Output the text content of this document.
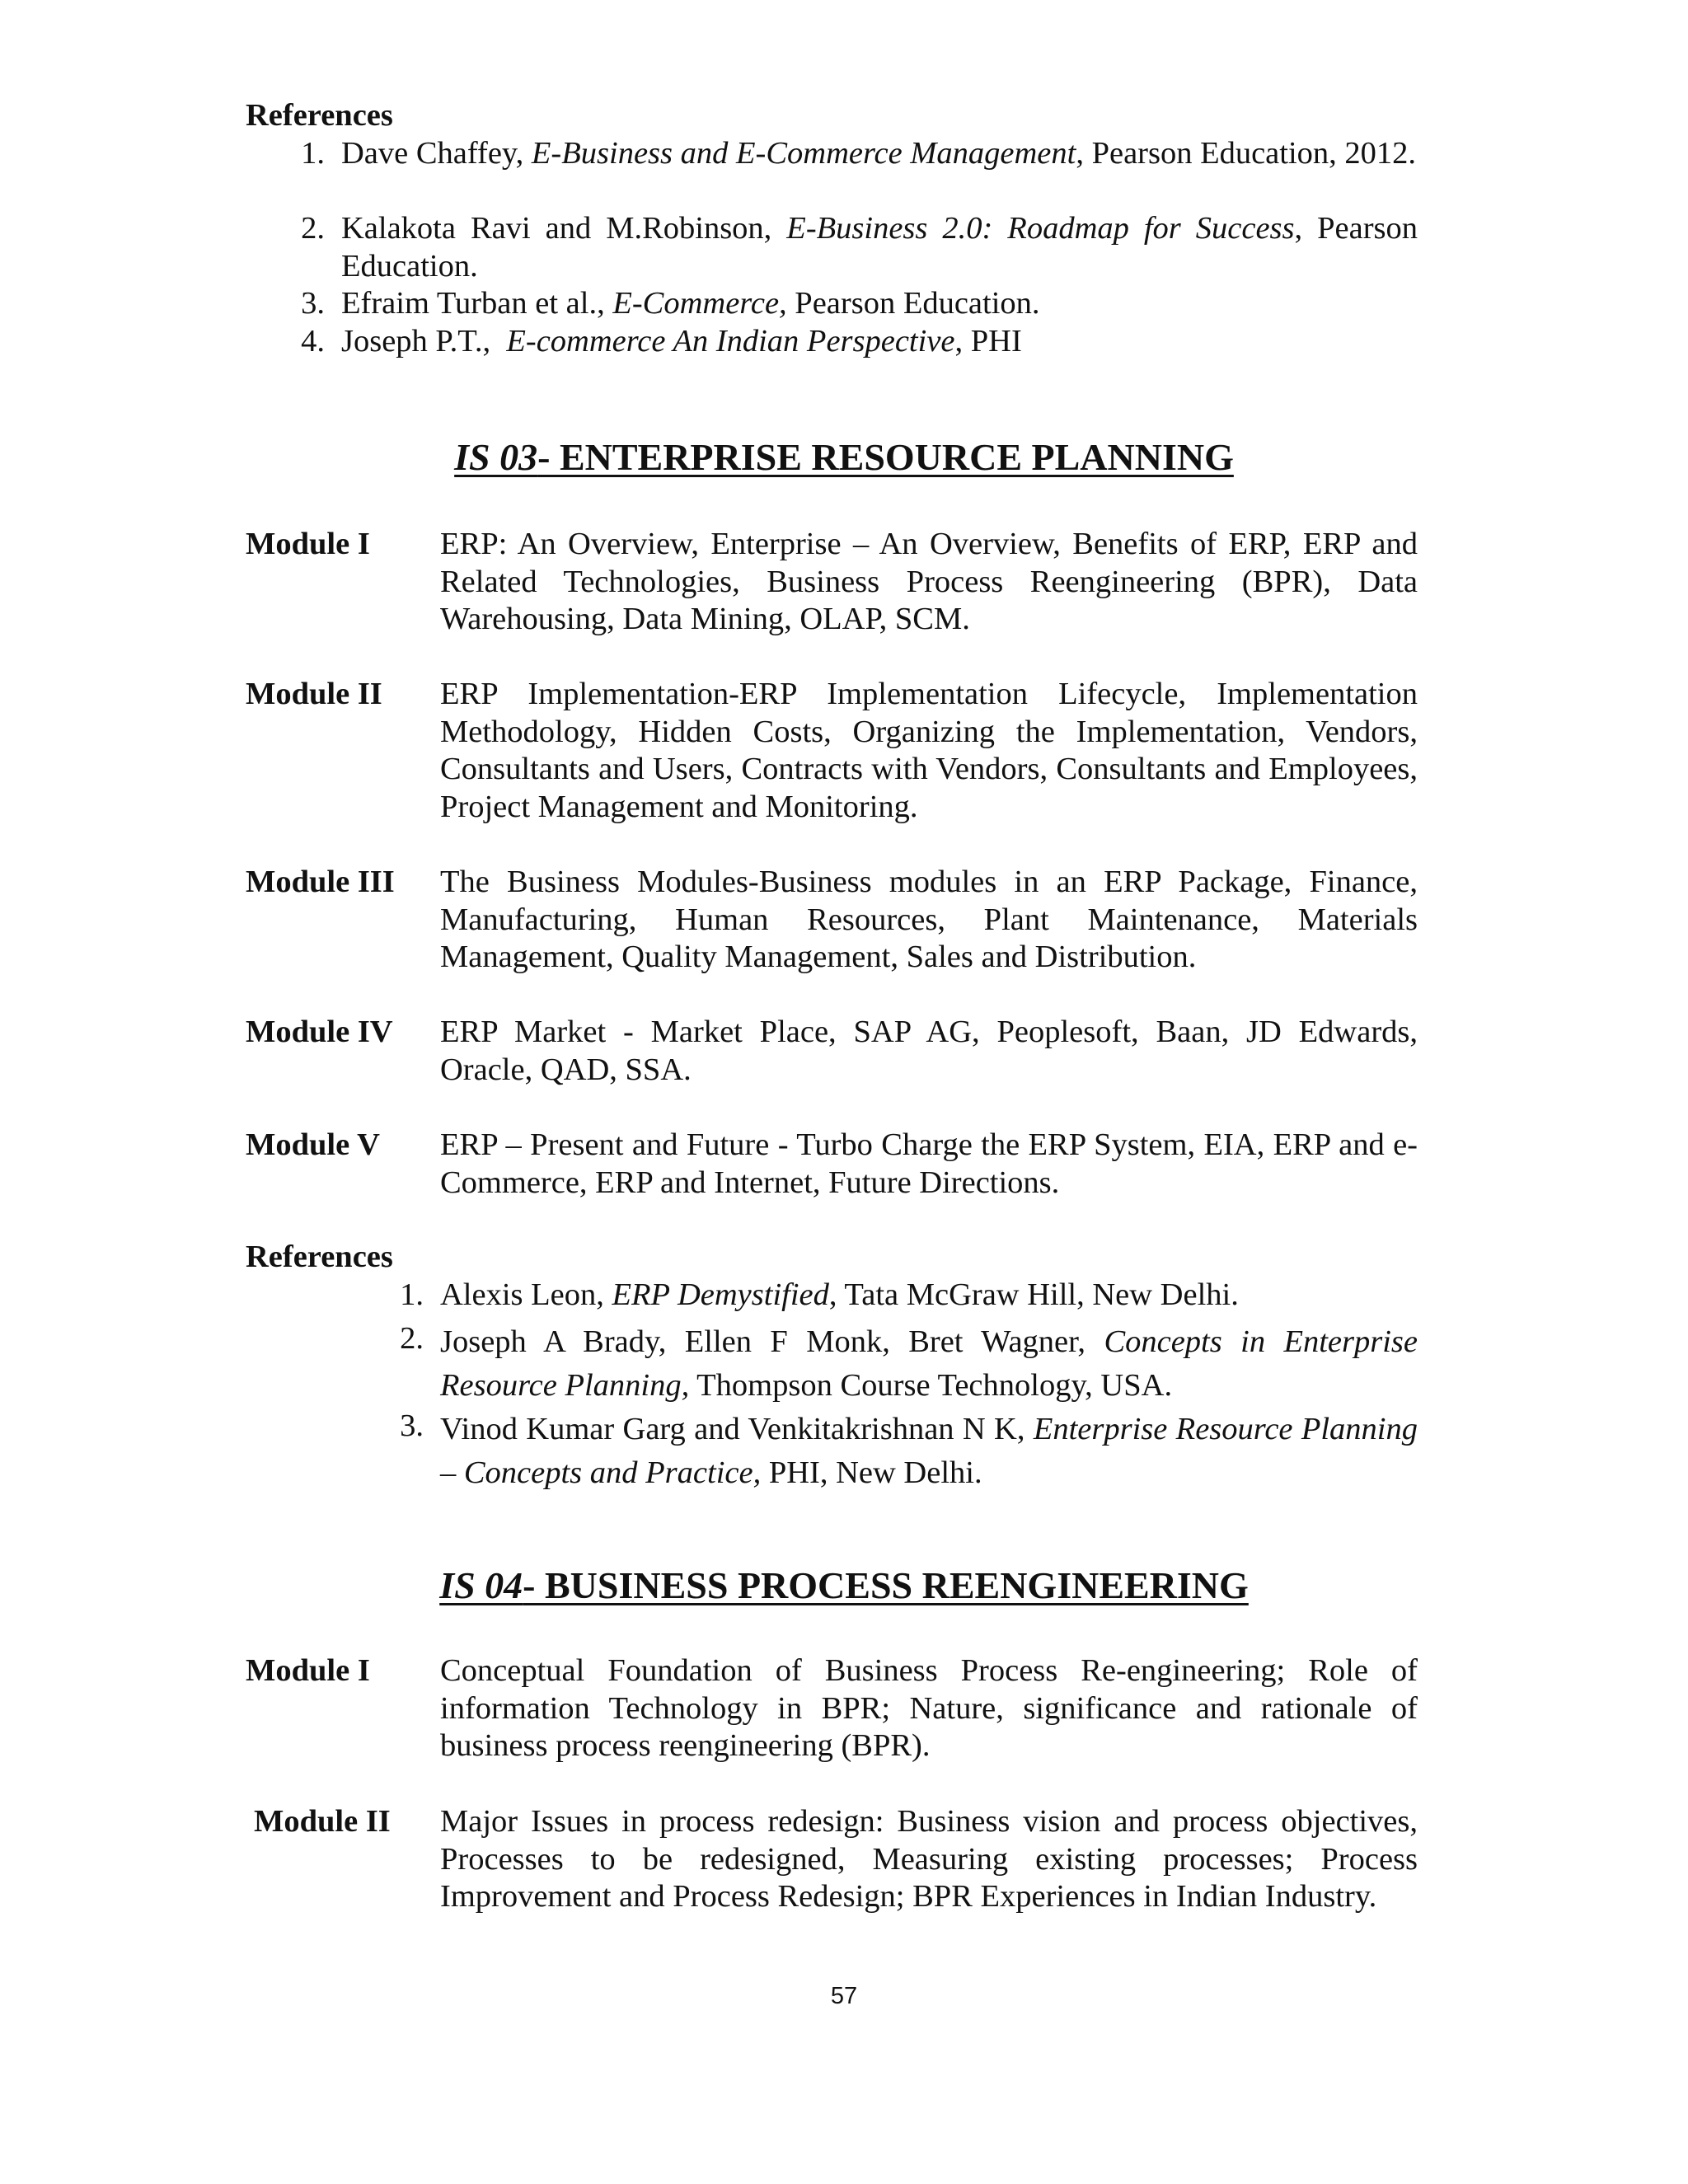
References
1. Dave Chaffey, E-Business and E-Commerce Management, Pearson Education, 2012.
2. Kalakota Ravi and M.Robinson, E-Business 2.0: Roadmap for Success, Pearson Education.
3. Efraim Turban et al., E-Commerce, Pearson Education.
4. Joseph P.T.,  E-commerce An Indian Perspective, PHI
IS 03- ENTERPRISE RESOURCE PLANNING
Module I ERP: An Overview, Enterprise – An Overview, Benefits of ERP, ERP and Related Technologies, Business Process Reengineering (BPR), Data Warehousing, Data Mining, OLAP, SCM.
Module II ERP Implementation-ERP Implementation Lifecycle, Implementation Methodology, Hidden Costs, Organizing the Implementation, Vendors, Consultants and Users, Contracts with Vendors, Consultants and Employees, Project Management and Monitoring.
Module III The Business Modules-Business modules in an ERP Package, Finance, Manufacturing, Human Resources, Plant Maintenance, Materials Management, Quality Management, Sales and Distribution.
Module IV ERP Market - Market Place, SAP AG, Peoplesoft, Baan, JD Edwards, Oracle, QAD, SSA.
Module V ERP – Present and Future - Turbo Charge the ERP System, EIA, ERP and e-Commerce, ERP and Internet, Future Directions.
References
1. Alexis Leon, ERP Demystified, Tata McGraw Hill, New Delhi.
2. Joseph A Brady, Ellen F Monk, Bret Wagner, Concepts in Enterprise Resource Planning, Thompson Course Technology, USA.
3. Vinod Kumar Garg and Venkitakrishnan N K, Enterprise Resource Planning – Concepts and Practice, PHI, New Delhi.
IS 04- BUSINESS PROCESS REENGINEERING
Module I Conceptual Foundation of Business Process Re-engineering; Role of information Technology in BPR; Nature, significance and rationale of business process reengineering (BPR).
Module II Major Issues in process redesign: Business vision and process objectives, Processes to be redesigned, Measuring existing processes; Process Improvement and Process Redesign; BPR Experiences in Indian Industry.
57
